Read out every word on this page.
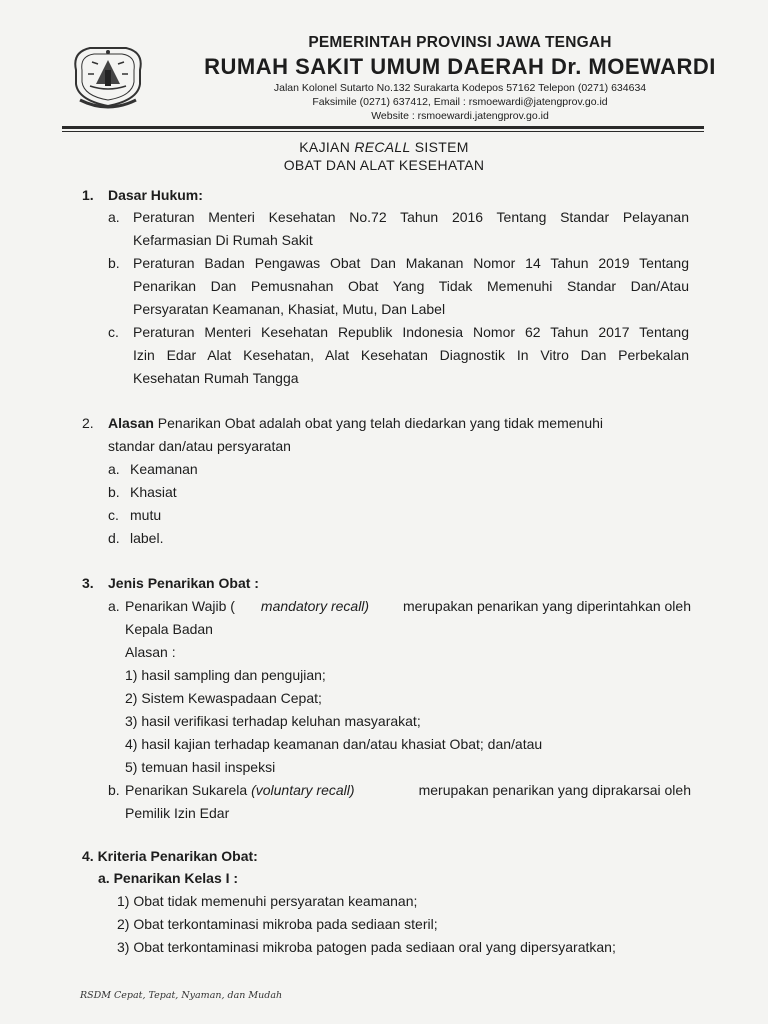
PEMERINTAH PROVINSI JAWA TENGAH
RUMAH SAKIT UMUM DAERAH Dr. MOEWARDI
Jalan Kolonel Sutarto No.132 Surakarta Kodepos 57162 Telepon (0271) 634634
Faksimile (0271) 637412, Email : rsmoewardi@jatengprov.go.id
Website : rsmoewardi.jatengprov.go.id
KAJIAN RECALL SISTEM
OBAT DAN ALAT KESEHATAN
1. Dasar Hukum:
a. Peraturan Menteri Kesehatan No.72 Tahun 2016 Tentang Standar Pelayanan
Kefarmasian Di Rumah Sakit
b. Peraturan Badan Pengawas Obat Dan Makanan Nomor 14 Tahun 2019 Tentang
Penarikan Dan Pemusnahan Obat Yang Tidak Memenuhi Standar Dan/Atau
Persyaratan Keamanan, Khasiat, Mutu, Dan Label
c. Peraturan Menteri Kesehatan Republik Indonesia Nomor 62 Tahun 2017 Tentang
Izin Edar Alat Kesehatan, Alat Kesehatan Diagnostik In Vitro Dan Perbekalan
Kesehatan Rumah Tangga
2. Alasan Penarikan Obat adalah obat yang telah diedarkan yang tidak memenuhi
standar dan/atau persyaratan
a. Keamanan
b. Khasiat
c. mutu
d. label.
3. Jenis Penarikan Obat :
a. Penarikan Wajib ( mandatory recall) merupakan penarikan yang diperintahkan oleh
Kepala Badan
Alasan :
1) hasil sampling dan pengujian;
2) Sistem Kewaspadaan Cepat;
3) hasil verifikasi terhadap keluhan masyarakat;
4) hasil kajian terhadap keamanan dan/atau khasiat Obat; dan/atau
5) temuan hasil inspeksi
b. Penarikan Sukarela (voluntary recall)	merupakan penarikan yang diprakarsai oleh
Pemilik Izin Edar
4. Kriteria Penarikan Obat:
a. Penarikan Kelas I :
1) Obat tidak memenuhi persyaratan keamanan;
2) Obat terkontaminasi mikroba pada sediaan steril;
3) Obat terkontaminasi mikroba patogen pada sediaan oral yang dipersyaratkan;
RSDM Cepat, Tepat, Nyaman, dan Mudah
